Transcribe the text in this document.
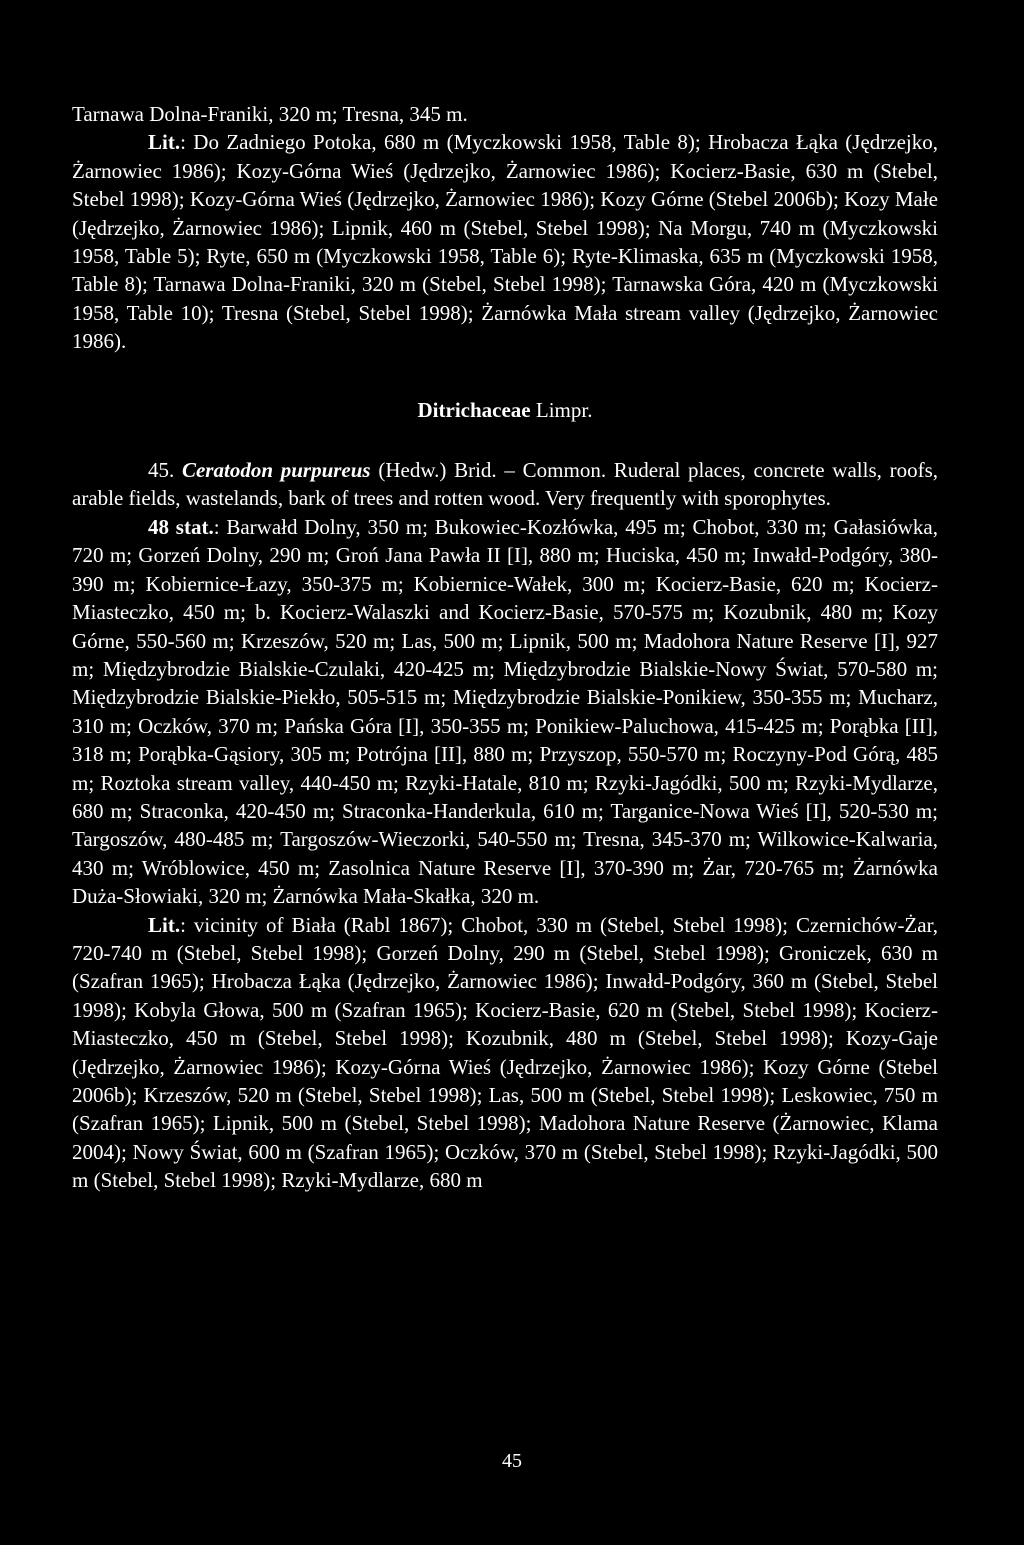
Tarnawa Dolna-Franiki, 320 m; Tresna, 345 m.
Lit.: Do Zadniego Potoka, 680 m (Myczkowski 1958, Table 8); Hrobacza Łąka (Jędrzejko, Żarnowiec 1986); Kozy-Górna Wieś (Jędrzejko, Żarnowiec 1986); Kocierz-Basie, 630 m (Stebel, Stebel 1998); Kozy-Górna Wieś (Jędrzejko, Żarnowiec 1986); Kozy Górne (Stebel 2006b); Kozy Małe (Jędrzejko, Żarnowiec 1986); Lipnik, 460 m (Stebel, Stebel 1998); Na Morgu, 740 m (Myczkowski 1958, Table 5); Ryte, 650 m (Myczkowski 1958, Table 6); Ryte-Klimaska, 635 m (Myczkowski 1958, Table 8); Tarnawa Dolna-Franiki, 320 m (Stebel, Stebel 1998); Tarnawska Góra, 420 m (Myczkowski 1958, Table 10); Tresna (Stebel, Stebel 1998); Żarnówka Mała stream valley (Jędrzejko, Żarnowiec 1986).

Ditrichaceae Limpr.

45. Ceratodon purpureus (Hedw.) Brid. – Common. Ruderal places, concrete walls, roofs, arable fields, wastelands, bark of trees and rotten wood. Very frequently with sporophytes.

48 stat.: Barwałd Dolny, 350 m; Bukowiec-Kozłówka, 495 m; Chobot, 330 m; Gałasiówka, 720 m; Gorzeń Dolny, 290 m; Groń Jana Pawła II [I], 880 m; Huciska, 450 m; Inwałd-Podgóry, 380-390 m; Kobiernice-Łazy, 350-375 m; Kobiernice-Wałek, 300 m; Kocierz-Basie, 620 m; Kocierz-Miasteczko, 450 m; b. Kocierz-Walaszki and Kocierz-Basie, 570-575 m; Kozubnik, 480 m; Kozy Górne, 550-560 m; Krzeszów, 520 m; Las, 500 m; Lipnik, 500 m; Madohora Nature Reserve [I], 927 m; Międzybrodzie Bialskie-Czulaki, 420-425 m; Międzybrodzie Bialskie-Nowy Świat, 570-580 m; Międzybrodzie Bialskie-Piekło, 505-515 m; Międzybrodzie Bialskie-Ponikiew, 350-355 m; Mucharz, 310 m; Oczków, 370 m; Pańska Góra [I], 350-355 m; Ponikiew-Paluchowa, 415-425 m; Porąbka [II], 318 m; Porąbka-Gąsiory, 305 m; Potrójna [II], 880 m; Przyszop, 550-570 m; Roczyny-Pod Górą, 485 m; Roztoka stream valley, 440-450 m; Rzyki-Hatale, 810 m; Rzyki-Jagódki, 500 m; Rzyki-Mydlarze, 680 m; Straconka, 420-450 m; Straconka-Handerkula, 610 m; Targanice-Nowa Wieś [I], 520-530 m; Targoszów, 480-485 m; Targoszów-Wieczorki, 540-550 m; Tresna, 345-370 m; Wilkowice-Kalwaria, 430 m; Wróblowice, 450 m; Zasolnica Nature Reserve [I], 370-390 m; Żar, 720-765 m; Żarnówka Duża-Słowiaki, 320 m; Żarnówka Mała-Skałka, 320 m.

Lit.: vicinity of Biała (Rabl 1867); Chobot, 330 m (Stebel, Stebel 1998); Czernichów-Żar, 720-740 m (Stebel, Stebel 1998); Gorzeń Dolny, 290 m (Stebel, Stebel 1998); Groniczek, 630 m (Szafran 1965); Hrobacza Łąka (Jędrzejko, Żarnowiec 1986); Inwałd-Podgóry, 360 m (Stebel, Stebel 1998); Kobyla Głowa, 500 m (Szafran 1965); Kocierz-Basie, 620 m (Stebel, Stebel 1998); Kocierz-Miasteczko, 450 m (Stebel, Stebel 1998); Kozubnik, 480 m (Stebel, Stebel 1998); Kozy-Gaje (Jędrzejko, Żarnowiec 1986); Kozy-Górna Wieś (Jędrzejko, Żarnowiec 1986); Kozy Górne (Stebel 2006b); Krzeszów, 520 m (Stebel, Stebel 1998); Las, 500 m (Stebel, Stebel 1998); Leskowiec, 750 m (Szafran 1965); Lipnik, 500 m (Stebel, Stebel 1998); Madohora Nature Reserve (Żarnowiec, Klama 2004); Nowy Świat, 600 m (Szafran 1965); Oczków, 370 m (Stebel, Stebel 1998); Rzyki-Jagódki, 500 m (Stebel, Stebel 1998); Rzyki-Mydlarze, 680 m

45
